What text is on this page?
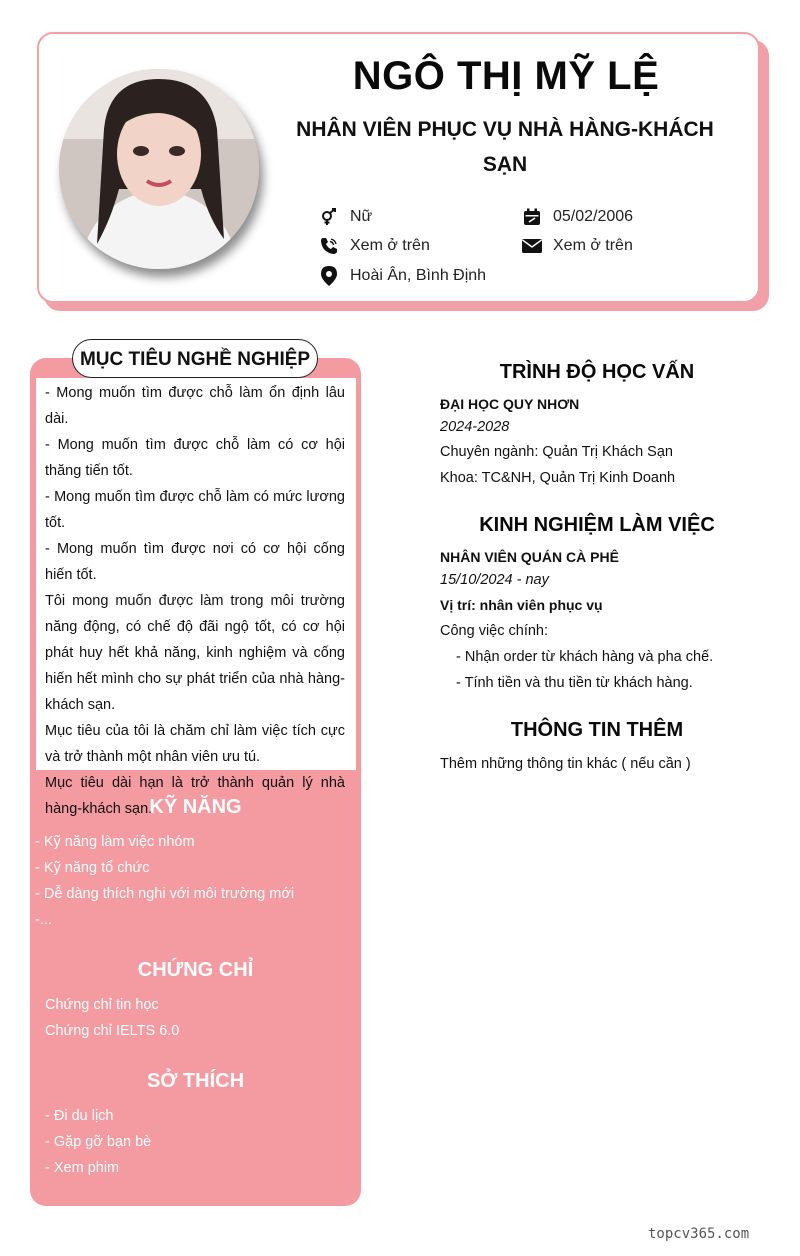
NGÔ THỊ MỸ LỆ
NHÂN VIÊN PHỤC VỤ NHÀ HÀNG-KHÁCH SẠN
Nữ	05/02/2006
Xem ở trên	Xem ở trên
Hoài Ân, Bình Định
MỤC TIÊU NGHỀ NGHIỆP

- Mong muốn tìm được chỗ làm ổn định lâu dài.

- Mong muốn tìm được chỗ làm có cơ hội thăng tiến tốt.

- Mong muốn tìm được chỗ làm có mức lương tốt.

- Mong muốn tìm được nơi có cơ hội cống hiến tốt.

Tôi mong muốn được làm trong môi trường năng động, có chế độ đãi ngộ tốt, có cơ hội phát huy hết khả năng, kinh nghiệm và cống hiến hết mình cho sự phát triển của nhà hàng-khách sạn.

Mục tiêu của tôi là chăm chỉ làm việc tích cực và trở thành một nhân viên ưu tú.

Mục tiêu dài hạn là trở thành quản lý nhà hàng-khách sạn.

KỸ NĂNG
- Kỹ năng làm việc nhóm
- Kỹ năng tổ chức
- Dễ dàng thích nghi với môi trường mới
-...
CHỨNG CHỈ
Chứng chỉ tin học
Chứng chỉ IELTS 6.0
SỞ THÍCH
- Đi du lịch
- Gặp gỡ bạn bè
- Xem phim
TRÌNH ĐỘ HỌC VẤN
ĐẠI HỌC QUY NHƠN
2024-2028
Chuyên ngành: Quản Trị Khách Sạn
Khoa: TC&NH, Quản Trị Kinh Doanh
KINH NGHIỆM LÀM VIỆC
NHÂN VIÊN QUÁN CÀ PHÊ
15/10/2024 - nay
Vị trí: nhân viên phục vụ
Công việc chính:
- Nhận order từ khách hàng và pha chế.
- Tính tiền và thu tiền từ khách hàng.
THÔNG TIN THÊM
Thêm những thông tin khác ( nếu cần )
topcv365.com
